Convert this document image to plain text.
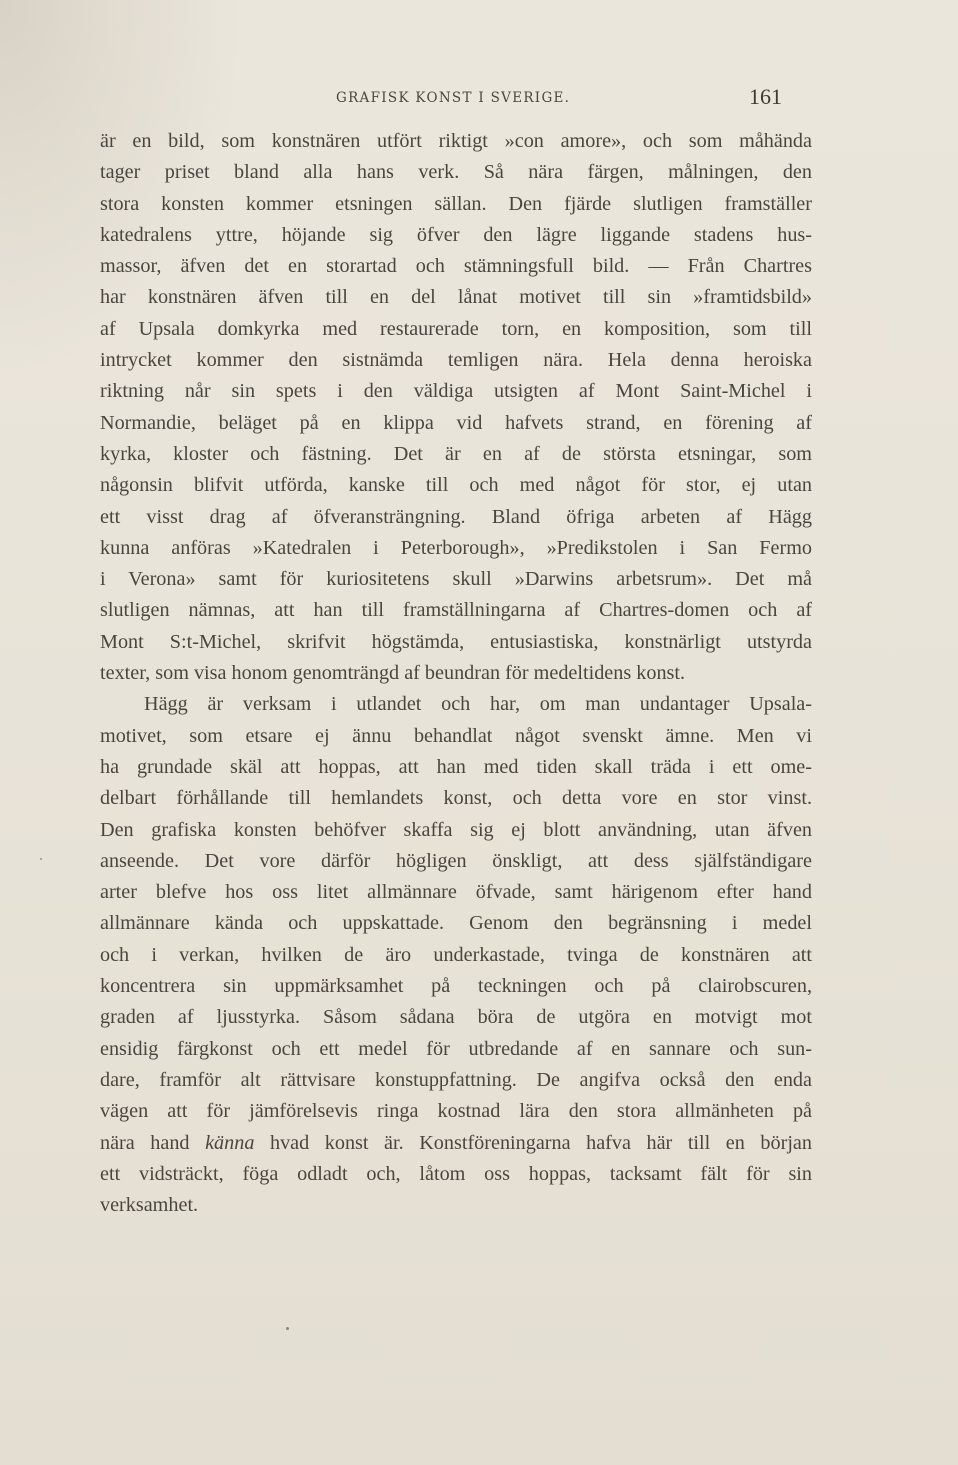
GRAFISK KONST I SVERIGE.	161
är en bild, som konstnären utfört riktigt »con amore», och som måhända
tager priset bland alla hans verk. Så nära färgen, målningen, den
stora konsten kommer etsningen sällan. Den fjärde slutligen framställer
katedralens yttre, höjande sig öfver den lägre liggande stadens hus-
massor, äfven det en storartad och stämningsfull bild. — Från Chartres
har konstnären äfven till en del lånat motivet till sin »framtidsbild»
af Upsala domkyrka med restaurerade torn, en komposition, som till
intrycket kommer den sistnämda temligen nära. Hela denna heroiska
riktning når sin spets i den väldiga utsigten af Mont Saint-Michel i
Normandie, beläget på en klippa vid hafvets strand, en förening af
kyrka, kloster och fästning. Det är en af de största etsningar, som
någonsin blifvit utförda, kanske till och med något för stor, ej utan
ett visst drag af öfveransträngning. Bland öfriga arbeten af Hägg
kunna anföras »Katedralen i Peterborough», »Predikstolen i San Fermo
i Verona» samt för kuriositetens skull »Darwins arbetsrum». Det må
slutligen nämnas, att han till framställningarna af Chartres-domen och af
Mont S:t-Michel, skrifvit högstämda, entusiastiska, konstnärligt utstyrda
texter, som visa honom genomträngd af beundran för medeltidens konst.
Hägg är verksam i utlandet och har, om man undantager Upsala-
motivet, som etsare ej ännu behandlat något svenskt ämne. Men vi
ha grundade skäl att hoppas, att han med tiden skall träda i ett ome-
delbart förhållande till hemlandets konst, och detta vore en stor vinst.
Den grafiska konsten behöfver skaffa sig ej blott användning, utan äfven
anseende. Det vore därför högligen önskligt, att dess själfständigare
arter blefve hos oss litet allmännare öfvade, samt härigenom efter hand
allmännare kända och uppskattade. Genom den begränsning i medel
och i verkan, hvilken de äro underkastade, tvinga de konstnären att
koncentrera sin uppmärksamhet på teckningen och på clairobscuren,
graden af ljusstyrka. Såsom sådana böra de utgöra en motvigt mot
ensidig färgkonst och ett medel för utbredande af en sannare och sun-
dare, framför alt rättvisare konstuppfattning. De angifva också den enda
vägen att för jämförelsevis ringa kostnad lära den stora allmänheten på
nära hand känna hvad konst är. Konstföreningarna hafva här till en början
ett vidsträckt, föga odladt och, låtom oss hoppas, tacksamt fält för sin
verksamhet.
